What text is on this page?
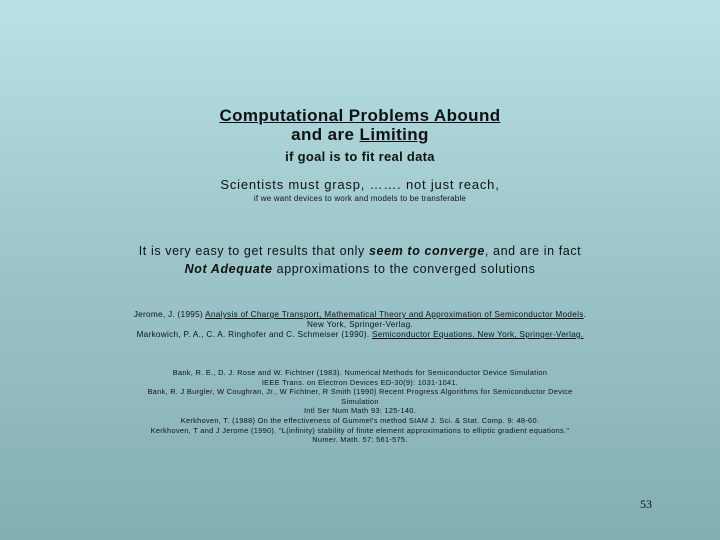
Computational Problems Abound
and are Limiting
if goal is to fit real data
Scientists must grasp, ……. not just reach,
if we want devices to work and models to be transferable
It is very easy to get results that only seem to converge, and are in fact
Not Adequate approximations to the converged solutions
Jerome, J. (1995) Analysis of Charge Transport, Mathematical Theory and Approximation of Semiconductor Models.
New York, Springer-Verlag.
Markowich, P. A., C. A. Ringhofer and C. Schmeiser (1990). Semiconductor Equations. New York, Springer-Verlag.
Bank, R. E., D. J. Rose and W. Fichtner (1983). Numerical Methods for Semiconductor Device Simulation
IEEE Trans. on Electron Devices ED-30(9): 1031-1041.
Bank, R. J Burgler, W Coughran, Jr., W Fichtner, R Smith (1990) Recent Progress Algorithms for Semiconductor Device
Simulation
Intl Ser Num Math 93: 125-140.
Kerkhoven, T. (1988) On the effectiveness of Gummel's method SIAM J. Sci. & Stat. Comp. 9: 48-60.
Kerkhoven, T and J Jerome (1990). "L(infinity) stability of finite element approximations to elliptic gradient equations."
Numer. Math. 57: 561-575.
53
